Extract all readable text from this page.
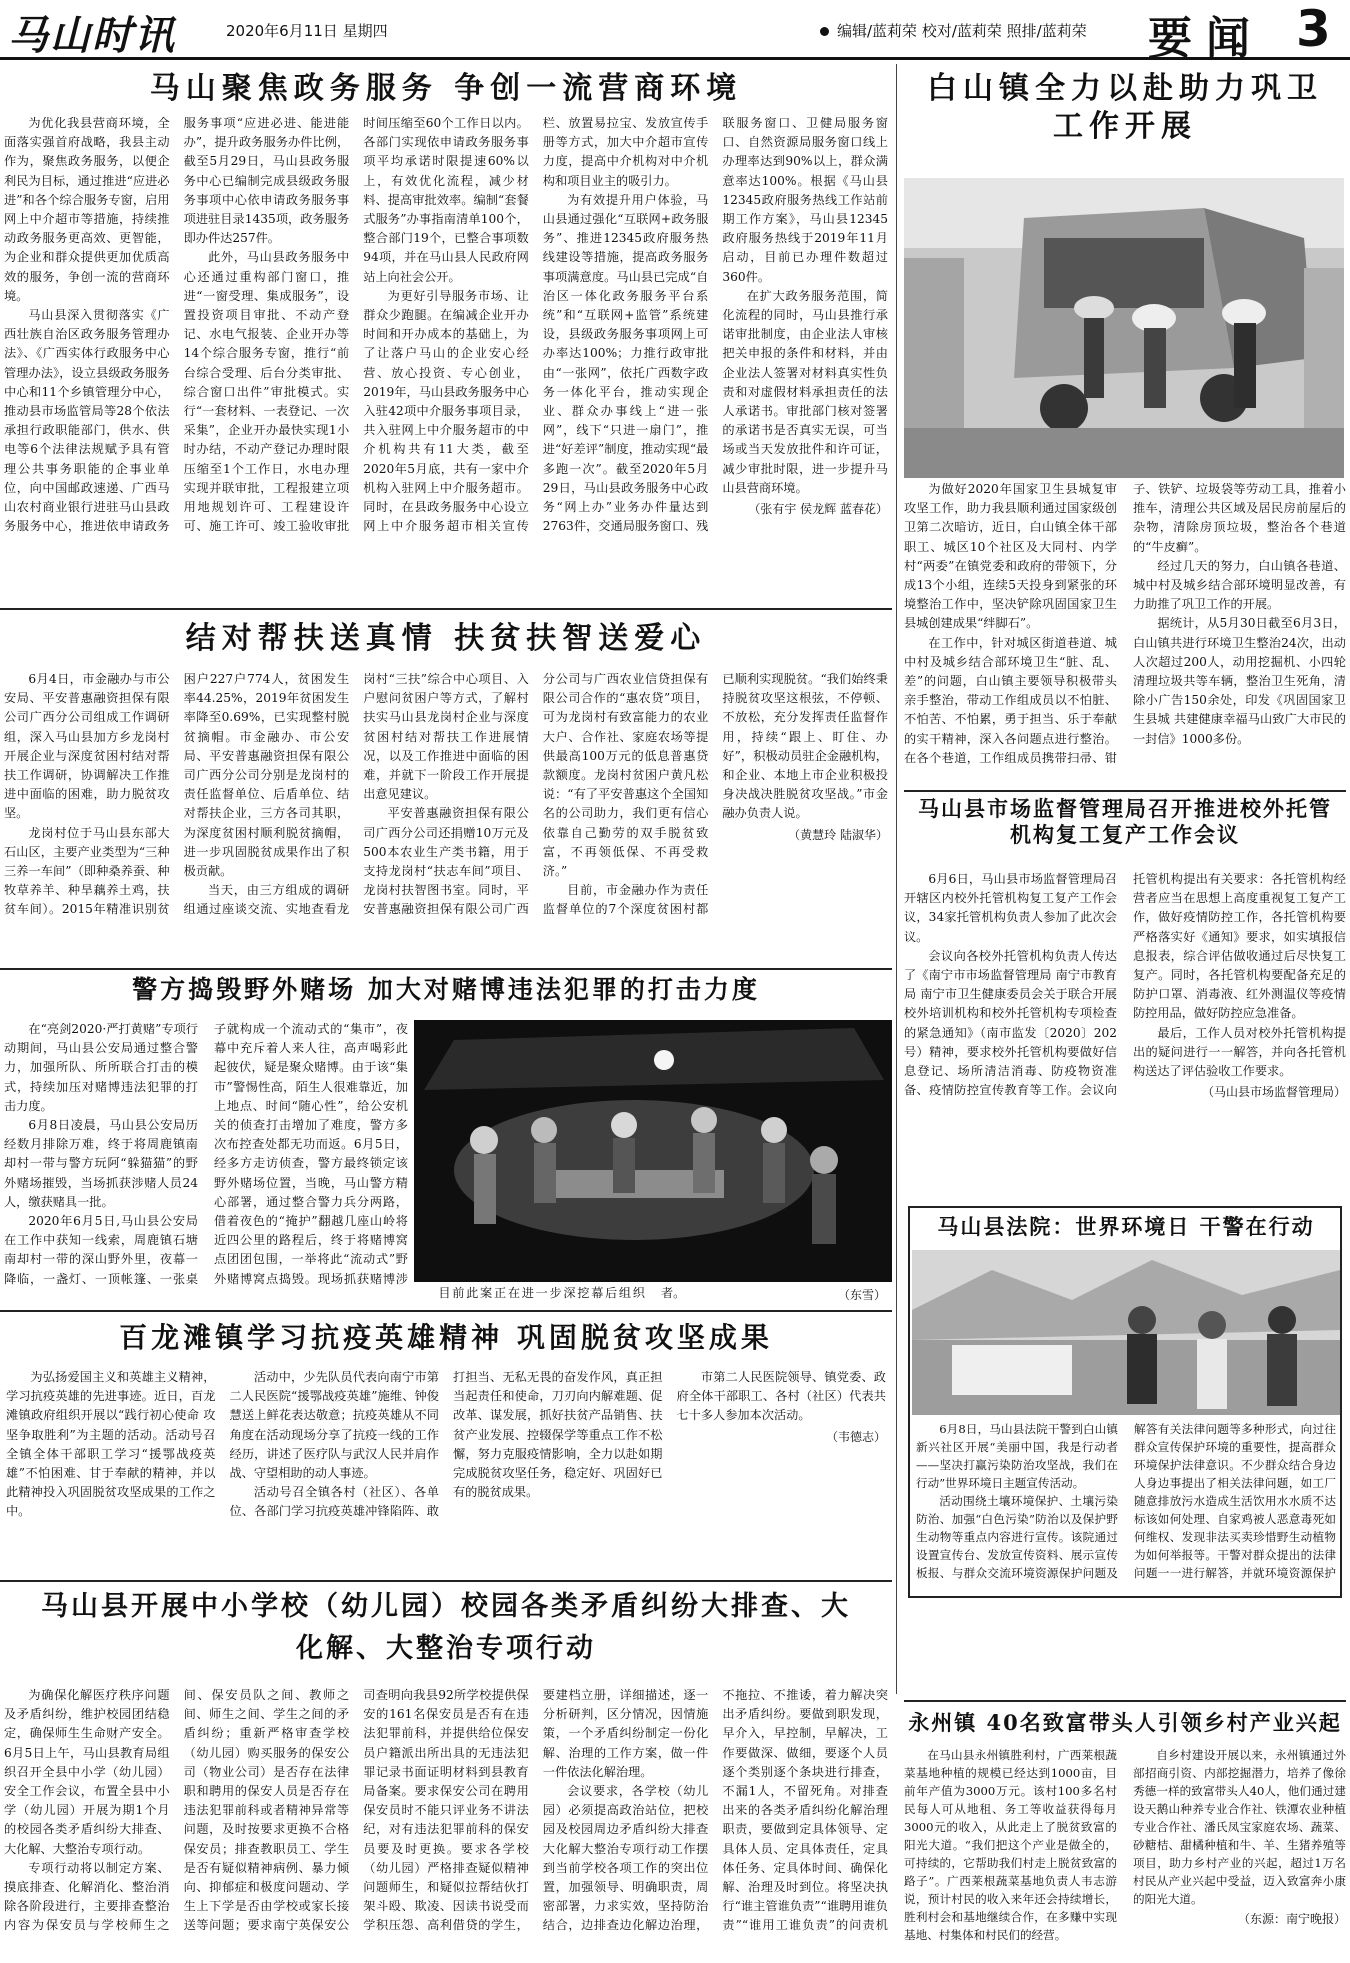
马山时讯	2020年6月11日 星期四	编辑/蓝莉荣 校对/蓝莉荣 照排/蓝莉荣 要闻 3
马山聚焦政务服务 争创一流营商环境

为优化我县营商环境，全面落实强首府战略，我县主动作为，聚焦政务服务，以便企利民为目标，通过推进“应进必进”和各个综合服务专窗，启用网上中介超市等措施，持续推动政务服务更高效、更智能，为企业和群众提供更加优质高效的服务，争创一流的营商环境。

马山县深入贯彻落实《广西壮族自治区政务服务管理办法》、《广西实体行政服务中心管理办法》，设立县级政务服务中心和11个乡镇管理分中心，推动县市场监管局等28个依法承担行政职能部门，供水、供电等6个法律法规赋予具有管理公共事务职能的企事业单位，向中国邮政速递、广西马山农村商业银行进驻马山县政务服务中心，推进依申请政务服务事项“应进必进、能进能办”，提升政务服务办件比例，截至5月29日，马山县政务服务中心已编制完成县级政务服务事项中心依申请政务服务事项进驻目录1435项，政务服务即办件达257件。

此外，马山县政务服务中心还通过重构部门窗口，推进“一窗受理、集成服务”，设置投资项目审批、不动产登记、水电气报装、企业开办等14个综合服务专窗，推行“前台综合受理、后台分类审批、综合窗口出件”审批模式。实行“一套材料、一表登记、一次采集”，企业开办最快实现1小时办结，不动产登记办理时限压缩至1个工作日，水电办理实现并联审批，工程报建立项用地规划许可、工程建设许可、施工许可、竣工验收审批时间压缩至60个工作日以内。各部门实现依申请政务服务事项平均承诺时限提速60%以上，有效优化流程，减少材料、提高审批效率。编制“套餐式服务”办事指南清单100个，整合部门19个，已整合事项数94项，并在马山县人民政府网站上向社会公开。

为更好引导服务市场、让群众少跑腿。在编减企业开办时间和开办成本的基础上，为了让落户马山的企业安心经营、放心投资、专心创业，2019年，马山县政务服务中心入驻42项中介服务事项目录，共入驻网上中介服务超市的中介机构共有11大类，截至2020年5月底，共有一家中介机构入驻网上中介服务超市。同时，在县政务服务中心设立网上中介服务超市相关宣传栏、放置易拉宝、发放宣传手册等方式，加大中介超市宣传力度，提高中介机构对中介机构和项目业主的吸引力。

为有效提升用户体验，马山县通过强化“互联网+政务服务”、推进12345政府服务热线建设等措施，提高政务服务事项满意度。马山县已完成“自治区一体化政务服务平台系统”和“互联网+监管”系统建设，县级政务服务事项网上可办率达100%；力推行政审批由“一张网”，依托广西数字政务一体化平台，推动实现企业、群众办事线上“进一张网”，线下“只进一扇门”，推进“好差评”制度，推动实现“最多跑一次”。截至2020年5月29日，马山县政务服务中心政务“网上办”业务办件量达到2763件，交通局服务窗口、残联服务窗口、卫健局服务窗口、自然资源局服务窗口线上办理率达到90%以上，群众满意率达100%。根据《马山县12345政府服务热线工作站前期工作方案》，马山县12345政府服务热线于2019年11月启动，目前已办理件数超过360件。

在扩大政务服务范围，简化流程的同时，马山县推行承诺审批制度，由企业法人审核把关申报的条件和材料，并由企业法人签署对材料真实性负责和对虚假材料承担责任的法人承诺书。审批部门核对签署的承诺书是否真实无误，可当场或当天发放批件和许可证，减少审批时限，进一步提升马山县营商环境。

（张有宇 侯龙辉 蓝春花）
白山镇全力以赴助力巩卫工作开展

为做好2020年国家卫生县城复审攻坚工作，助力我县顺利通过国家级创卫第二次暗访，近日，白山镇全体干部职工、城区10个社区及大同村、内学村“两委”在镇党委和政府的带领下，分成13个小组，连续5天投身到紧张的环境整治工作中，坚决铲除巩固国家卫生县城创建成果“绊脚石”。

在工作中，针对城区街道巷道、城中村及城乡结合部环境卫生“脏、乱、差”的问题，白山镇主要领导积极带头亲手整治，带动工作组成员以不怕脏、不怕苦、不怕累，勇于担当、乐于奉献的实干精神，深入各问题点进行整治。在各个巷道，工作组成员携带扫帚、钳子、铁铲、垃圾袋等劳动工具，推着小推车，清理公共区域及居民房前屋后的杂物，清除房顶垃圾，整治各个巷道的“牛皮癣”。

经过几天的努力，白山镇各巷道、城中村及城乡结合部环境明显改善，有力助推了巩卫工作的开展。

据统计，从5月30日截至6月3日，白山镇共进行环境卫生整治24次，出动人次超过200人，动用挖掘机、小四轮清理垃圾共等车辆，整治卫生死角，清除小广告150余处，印发《巩固国家卫生县城 共建健康幸福马山致广大市民的一封信》1000多份。

结对帮扶送真情 扶贫扶智送爱心

6月4日，市金融办与市公安局、平安普惠融资担保有限公司广西分公司组成工作调研组，深入马山县加方乡龙岗村开展企业与深度贫困村结对帮扶工作调研，协调解决工作推进中面临的困难，助力脱贫攻坚。

龙岗村位于马山县东部大石山区，主要产业类型为“三种三养一车间”（即种桑养蚕、种牧草养羊、种旱藕养土鸡，扶贫车间）。2015年精准识别贫困户227户774人，贫困发生率44.25%，2019年贫困发生率降至0.69%，已实现整村脱贫摘帽。市金融办、市公安局、平安普惠融资担保有限公司广西分公司分别是龙岗村的责任监督单位、后盾单位、结对帮扶企业，三方各司其职，为深度贫困村顺利脱贫摘帽，进一步巩固脱贫成果作出了积极贡献。

当天，由三方组成的调研组通过座谈交流、实地查看龙岗村“三扶”综合中心项目、入户慰问贫困户等方式，了解村扶实马山县龙岗村企业与深度贫困村结对帮扶工作进展情况，以及工作推进中面临的困难，并就下一阶段工作开展提出意见建议。

平安普惠融资担保有限公司广西分公司还捐赠10万元及500本农业生产类书籍，用于支持龙岗村“扶志车间”项目、龙岗村扶智图书室。同时，平安普惠融资担保有限公司广西分公司与广西农业信贷担保有限公司合作的“惠农贷”项目，可为龙岗村有致富能力的农业大户、合作社、家庭农场等提供最高100万元的低息普惠贷款额度。龙岗村贫困户黄凡松说：“有了平安普惠这个全国知名的公司助力，我们更有信心依靠自己勤劳的双手脱贫致富，不再领低保、不再受救济。”

目前，市金融办作为责任监督单位的7个深度贫困村都已顺利实现脱贫。“我们始终秉持脱贫攻坚这根弦，不停顿、不放松，充分发挥责任监督作用，持续“跟上、盯住、办好”，积极动员驻企金融机构，和企业、本地上市企业积极投身决战决胜脱贫攻坚战。”市金融办负责人说。

（黄慧玲 陆淑华）
马山县市场监督管理局召开推进校外托管机构复工复产工作会议

6月6日，马山县市场监督管理局召开辖区内校外托管机构复工复产工作会议，34家托管机构负责人参加了此次会议。

会议向各校外托管机构负责人传达了《南宁市市场监督管理局 南宁市教育局 南宁市卫生健康委员会关于联合开展校外培训机构和校外托管机构专项检查的紧急通知》（南市监发〔2020〕202号）精神，要求校外托管机构要做好信息登记、场所清洁消毒、防疫物资准备、疫情防控宣传教育等工作。会议向托管机构提出有关要求：各托管机构经营者应当在思想上高度重视复工复产工作，做好疫情防控工作，各托管机构要严格落实好《通知》要求，如实填报信息报表，综合评估做收通过后尽快复工复产。同时，各托管机构要配备充足的防护口罩、消毒液、红外测温仪等疫情防控用品，做好防控应急准备。

最后，工作人员对校外托管机构提出的疑问进行一一解答，并向各托管机构送达了评估验收工作要求。

（马山县市场监督管理局）
警方捣毁野外赌场 加大对赌博违法犯罪的打击力度

在“亮剑2020·严打黄赌”专项行动期间，马山县公安局通过整合警力，加强所队、所所联合打击的模式，持续加压对赌博违法犯罪的打击力度。

6月8日凌晨，马山县公安局历经数月排除万难，终于将周鹿镇南却村一带与警方玩阿“躲猫猫”的野外赌场摧毁，当场抓获涉赌人员24人，缴获赌具一批。

2020年6月5日,马山县公安局在工作中获知一线索，周鹿镇石塘南却村一带的深山野外里，夜幕一降临，一盏灯、一顶帐篷、一张桌子就构成一个流动式的“集市”，夜幕中充斥着人来人往，高声喝彩此起彼伏，疑是聚众赌博。由于该“集市”警惕性高，陌生人很难靠近，加上地点、时间“随心性”，给公安机关的侦查打击增加了难度，警方多次布控查处都无功而返。6月5日，经多方走访侦查，警方最终锁定该野外赌场位置，当晚，马山警方精心部署，通过整合警力兵分两路，借着夜色的“掩护”翻越几座山岭将近四公里的路程后，终于将赌博窝点团团包围，一举将此“流动式”野外赌博窝点捣毁。现场抓获赌博涉

目前此案正在进一步深挖幕后组织者。	（东雪）
马山县法院：世界环境日 干警在行动

6月8日，马山县法院干警到白山镇新兴社区开展“美丽中国，我是行动者——坚决打赢污染防治攻坚战，我们在行动”世界环境日主题宣传活动。

活动围绕土壤环境保护、土壤污染防治、加强“白色污染”防治以及保护野生动物等重点内容进行宣传。该院通过设置宣传台、发放宣传资料、展示宣传板报、与群众交流环境资源保护问题及解答有关法律问题等多种形式，向过往群众宣传保护环境的重要性，提高群众环境保护法律意识。不少群众结合身边人身边事提出了相关法律问题，如工厂随意排放污水造成生活饮用水水质不达标该如何处理、自家鸡被人恶意毒死如何维权、发现非法买卖珍惜野生动植物为如何举报等。干警对群众提出的法律问题一一进行解答，并就环境资源保护

百龙滩镇学习抗疫英雄精神 巩固脱贫攻坚成果

为弘扬爱国主义和英雄主义精神，学习抗疫英雄的先进事迹。近日，百龙滩镇政府组织开展以“践行初心使命 攻坚争取胜利”为主题的活动。活动号召全镇全体干部职工学习“援鄂战疫英雄”不怕困难、甘于奉献的精神，并以此精神投入巩固脱贫攻坚成果的工作之中。

活动中，少先队员代表向南宁市第二人民医院“援鄂战疫英雄”施维、钟俊慧送上鲜花表达敬意；抗疫英雄从不同角度在活动现场分享了抗疫一线的工作经历，讲述了医疗队与武汉人民并肩作战、守望相助的动人事迹。

活动号召全镇各村（社区）、各单位、各部门学习抗疫英雄冲锋陷阵、敢打担当、无私无畏的奋发作风，真正担当起责任和使命，刀刃向内解难题、促改革、谋发展，抓好扶贫产品销售、扶贫产业发展、控辍保学等重点工作不松懈，努力克服疫情影响，全力以赴如期完成脱贫攻坚任务，稳定好、巩固好已有的脱贫成果。

市第二人民医院领导、镇党委、政府全体干部职工、各村（社区）代表共七十多人参加本次活动。

（韦德志）
马山县开展中小学校（幼儿园）校园各类矛盾纠纷大排查、大化解、大整治专项行动

为确保化解医疗秩序问题及矛盾纠纷，维护校园团结稳定，确保师生生命财产安全。6月5日上午，马山县教育局组织召开全县中小学（幼儿园）安全工作会议，布置全县中小学（幼儿园）开展为期1个月的校园各类矛盾纠纷大排查、大化解、大整治专项行动。

专项行动将以制定方案、摸底排查、化解消化、整治消除各阶段进行，主要排查整治内容为保安员与学校师生之间、保安员队之间、教师之间、师生之间、学生之间的矛盾纠纷；重新严格审查学校（幼儿园）购买服务的保安公司（物业公司）是否存在法律职和聘用的保安人员是否存在违法犯罪前科或者精神异常等问题，及时按要求更换不合格保安员；排查教职员工、学生是否有疑似精神病例、暴力倾向、抑郁症和极度问题动、学生上下学是否由学校或家长接送等问题；要求南宁英保安公司查明向我县92所学校提供保安的161名保安员是否有在违法犯罪前科，并提供给位保安员户籍派出所出具的无违法犯罪记录书面证明材料到县教育局备案。要求保安公司在聘用保安员时不能只评业务不讲法纪，对有违法犯罪前科的保安员要及时更换。要求各学校（幼儿园）严格排查疑似精神问题师生，和疑似拉帮结伙打架斗殴、欺凌、因读书说受而学积压怨、高利借贷的学生，要建档立册，详细描述，逐一分析研判，区分情况，因情施策，一个矛盾纠纷制定一份化解、治理的工作方案，做一件一件依法化解治理。

会议要求，各学校（幼儿园）必须提高政治站位，把校园及校园周边矛盾纠纷大排查大化解大整治专项行动工作摆到当前学校各项工作的突出位置，加强领导、明确职责，周密部署，力求实效，坚持防治结合，边排查边化解边治理，不拖拉、不推诿，着力解决突出矛盾纠纷。要做到职发现，早介入，早控制，早解决，工作要做深、做细，要逐个人员逐个类别逐个条块进行排查，不漏1人，不留死角。对排查出来的各类矛盾纠纷化解治理职责，要做到定具体领导、定具体人员、定具体责任，定具体任务、定具体时间、确保化解、治理及时到位。将坚决执行“谁主管谁负责”“谁聘用谁负责”“谁用工谁负责”的问责机

永州镇 40名致富带头人引领乡村产业兴起

在马山县永州镇胜利村，广西莱根蔬菜基地种植的规模已经达到1000亩，目前年产值为3000万元。该村100多名村民每人可从地租、务工等收益获得每月3000元的收入，从此走上了脱贫致富的阳光大道。“我们把这个产业是做全的，可持续的，它帮助我们村走上脱贫致富的路子”。广西莱根蔬菜基地负责人韦志游说，预计村民的收入来年还会持续增长，胜利村会和基地继续合作，在多赚中实现基地、村集体和村民们的经营。

自乡村建设开展以来，永州镇通过外部招商引资、内部挖掘潜力，培养了像徐秀德一样的致富带头人40人，他们通过建设天鹅山种养专业合作社、铁潭农业种植专业合作社、潘氏凤宝家庭农场、蔬菜、砂糖桔、甜橘种植和牛、羊、生猪养殖等项目，助力乡村产业的兴起，超过1万名村民从产业兴起中受益，迈入致富奔小康的阳光大道。

（东源：南宁晚报）
